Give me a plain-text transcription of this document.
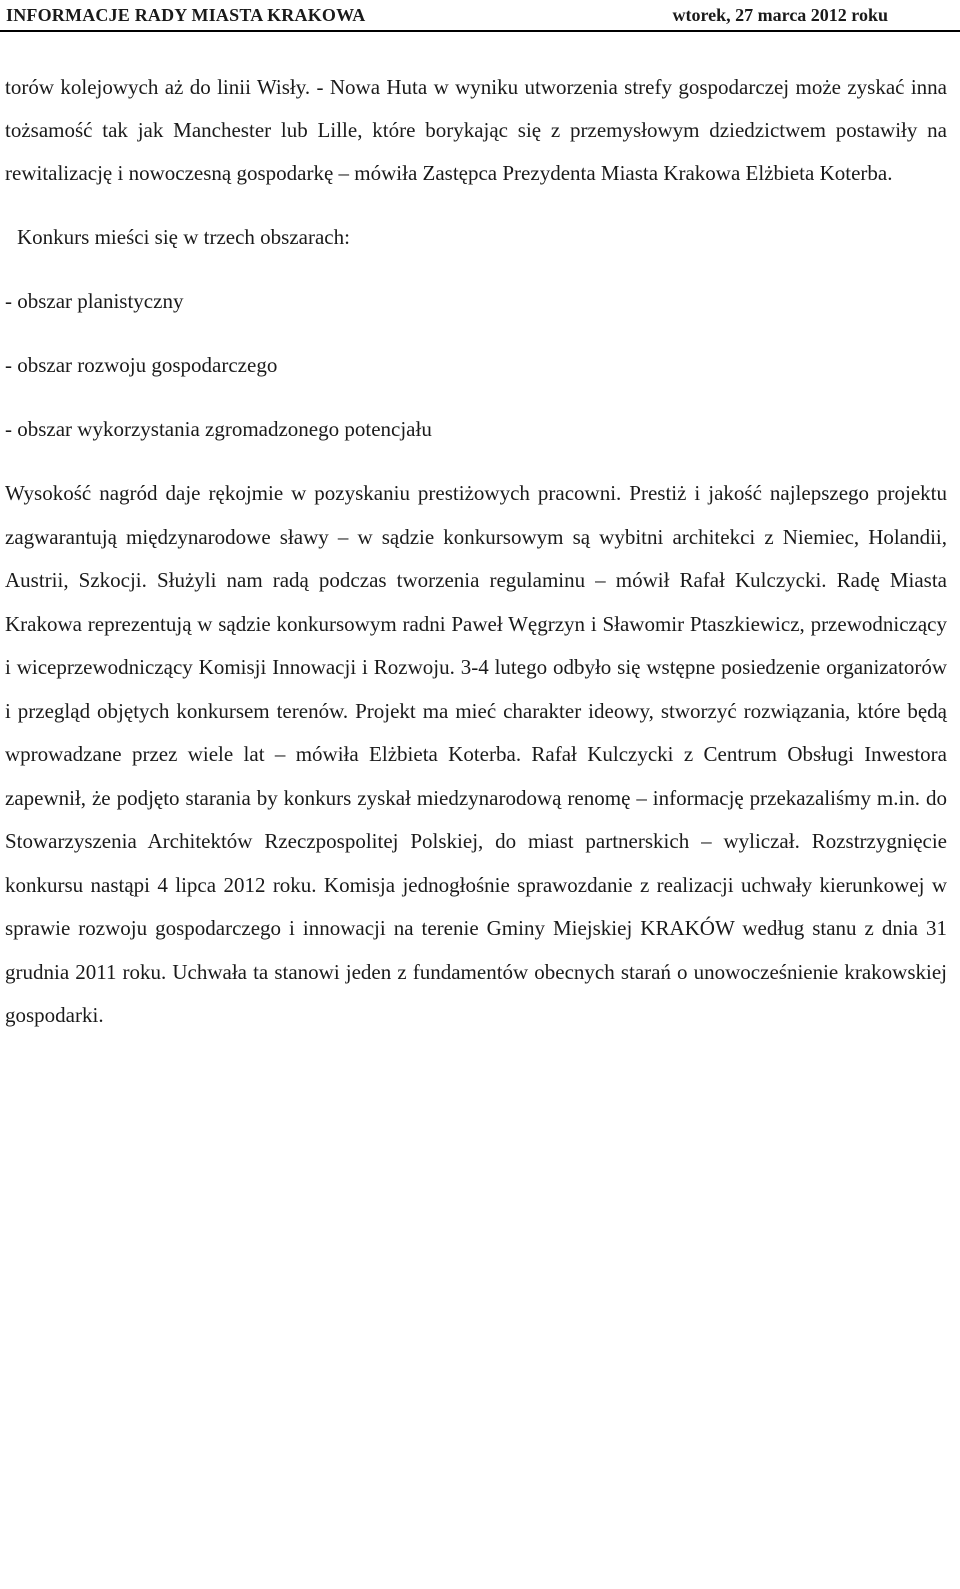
INFORMACJE RADY MIASTA KRAKOWA	wtorek, 27 marca 2012 roku

torów kolejowych aż do linii Wisły. - Nowa Huta w wyniku utworzenia strefy gospodarczej może zyskać inna tożsamość tak jak Manchester lub Lille, które borykając się z przemysłowym dziedzictwem postawiły na rewitalizację i nowoczesną gospodarkę – mówiła Zastępca Prezydenta Miasta Krakowa Elżbieta Koterba.

Konkurs mieści się w trzech obszarach:

- obszar planistyczny

- obszar rozwoju gospodarczego

- obszar wykorzystania zgromadzonego potencjału

Wysokość nagród daje rękojmie w pozyskaniu prestiżowych pracowni. Prestiż i jakość najlepszego projektu zagwarantują międzynarodowe sławy – w sądzie konkursowym są wybitni architekci z Niemiec, Holandii, Austrii, Szkocji. Służyli nam radą podczas tworzenia regulaminu – mówił Rafał Kulczycki. Radę Miasta Krakowa reprezentują w sądzie konkursowym radni Paweł Węgrzyn i Sławomir Ptaszkiewicz, przewodniczący i wiceprzewodniczący Komisji Innowacji i Rozwoju. 3-4 lutego odbyło się wstępne posiedzenie organizatorów i przegląd objętych konkursem terenów. Projekt ma mieć charakter ideowy, stworzyć rozwiązania, które będą wprowadzane przez wiele lat – mówiła Elżbieta Koterba. Rafał Kulczycki z Centrum Obsługi Inwestora zapewnił, że podjęto starania by konkurs zyskał miedzynarodową renomę – informację przekazaliśmy m.in. do Stowarzyszenia Architektów Rzeczpospolitej Polskiej, do miast partnerskich – wyliczał. Rozstrzygnięcie konkursu nastąpi 4 lipca 2012 roku. Komisja jednogłośnie sprawozdanie z realizacji uchwały kierunkowej w sprawie rozwoju gospodarczego i innowacji na terenie Gminy Miejskiej KRAKÓW według stanu z dnia 31 grudnia 2011 roku. Uchwała ta stanowi jeden z fundamentów obecnych starań o unowocześnienie krakowskiej gospodarki.
